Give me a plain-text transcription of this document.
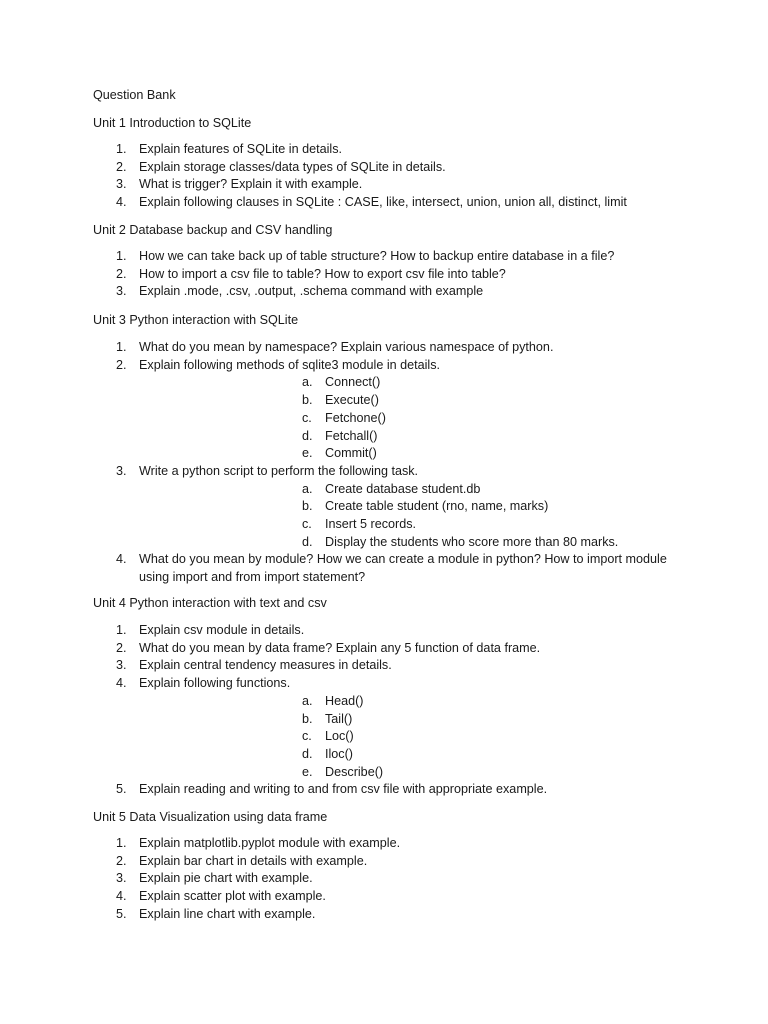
Question Bank
Unit 1 Introduction to SQLite
1. Explain features of SQLite in details.
2. Explain storage classes/data types of SQLite in details.
3. What is trigger? Explain it with example.
4. Explain following clauses in SQLite : CASE, like, intersect, union, union all, distinct, limit
Unit 2 Database backup and CSV handling
1. How we can take back up of table structure? How to backup entire database in a file?
2. How to import a csv file to table? How to export csv file into table?
3. Explain .mode, .csv, .output, .schema command with example
Unit 3 Python interaction with SQLite
1. What do you mean by namespace? Explain various namespace of python.
2. Explain following methods of sqlite3 module in details.
a. Connect()
b. Execute()
c.	Fetchone()
d. Fetchall()
e. Commit()
3. Write a python script to perform the following task.
a. Create database student.db
b. Create table student (rno, name, marks)
c.	Insert 5 records.
d. Display the students who score more than 80 marks.
4. What do you mean by module? How we can create a module in python? How to import module using import and from import statement?
Unit 4 Python interaction with text and csv
1. Explain csv module in details.
2. What do you mean by data frame? Explain any 5 function of data frame.
3. Explain central tendency measures in details.
4. Explain following functions.
a. Head()
b. Tail()
c.	Loc()
d. Iloc()
e. Describe()
5. Explain reading and writing to and from csv file with appropriate example.
Unit 5 Data Visualization using data frame
1. Explain matplotlib.pyplot module with example.
2. Explain bar chart in details with example.
3. Explain pie chart with example.
4. Explain scatter plot with example.
5. Explain line chart with example.
